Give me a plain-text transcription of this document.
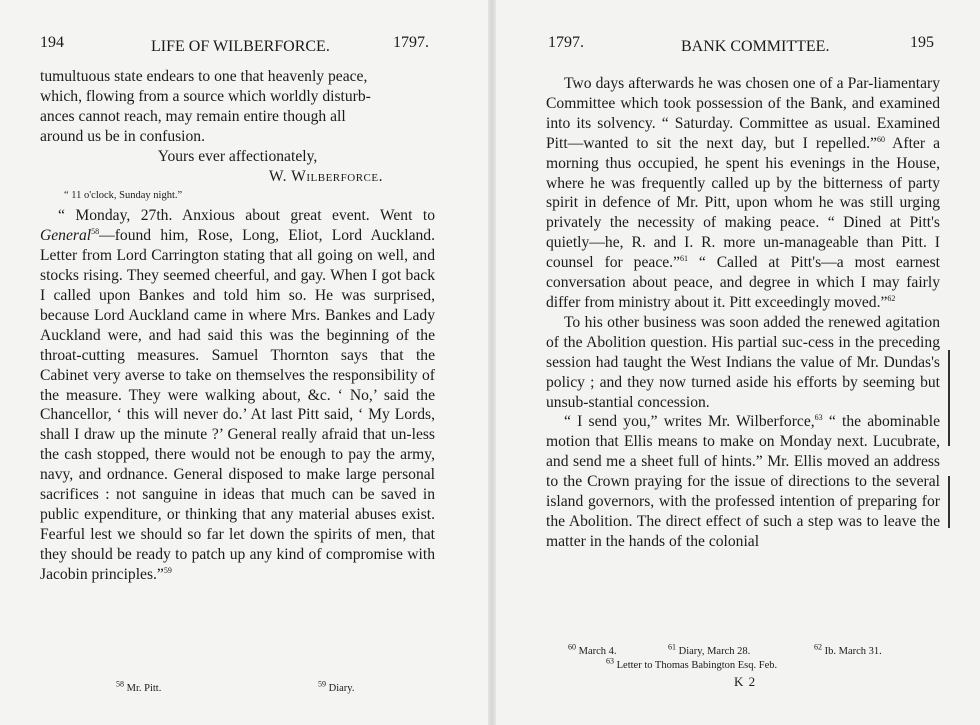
194	LIFE OF WILBERFORCE.	1797.

tumultuous state endears to one that heavenly peace,

which, flowing from a source which worldly disturb-

ances cannot reach, may remain entire though all

around us be in confusion.

Yours ever affectionately,

W. Wilberforce.

“ 11 o'clock, Sunday night.”

“ Monday, 27th. Anxious about great event. Went to General$^{58}$—found him, Rose, Long, Eliot, Lord Auckland. Letter from Lord Carrington stating that all going on well, and stocks rising. They seemed cheerful, and gay. When I got back I called upon Bankes and told him so. He was surprised, because Lord Auckland came in where Mrs. Bankes and Lady Auckland were, and had said this was the beginning of the throat-cutting measures. Samuel Thornton says that the Cabinet very averse to take on themselves the responsibility of the measure. They were walking about, &c. ‘ No,’ said the Chancellor, ‘ this will never do.’ At last Pitt said, ‘ My Lords, shall I draw up the minute ?’ General really afraid that un-less the cash stopped, there would not be enough to pay the army, navy, and ordnance. General disposed to make large personal sacrifices : not sanguine in ideas that much can be saved in public expenditure, or thinking that any material abuses exist. Fearful lest we should so far let down the spirits of men, that they should be ready to patch up any kind of compromise with Jacobin principles.”$^{59}$

$^{58}$ Mr. Pitt.	$^{59}$ Diary.
1797.	BANK COMMITTEE.	195

Two days afterwards he was chosen one of a Par-liamentary Committee which took possession of the Bank, and examined into its solvency. “ Saturday. Committee as usual. Examined Pitt—wanted to sit the next day, but I repelled.”$^{60}$ After a morning thus occupied, he spent his evenings in the House, where he was frequently called up by the bitterness of party spirit in defence of Mr. Pitt, upon whom he was still urging privately the necessity of making peace. “ Dined at Pitt's quietly—he, R. and I. R. more un-manageable than Pitt. I counsel for peace.”$^{61}$ “ Called at Pitt's—a most earnest conversation about peace, and degree in which I may fairly differ from ministry about it. Pitt exceedingly moved.”$^{62}$

To his other business was soon added the renewed agitation of the Abolition question. His partial suc-cess in the preceding session had taught the West Indians the value of Mr. Dundas's policy ; and they now turned aside his efforts by seeming but unsub-stantial concession.

“ I send you,” writes Mr. Wilberforce,$^{63}$ “ the abominable motion that Ellis means to make on Monday next. Lucubrate, and send me a sheet full of hints.” Mr. Ellis moved an address to the Crown praying for the issue of directions to the several island governors, with the professed intention of preparing for the Abolition. The direct effect of such a step was to leave the matter in the hands of the colonial

$^{60}$ March 4.	$^{61}$ Diary, March 28.	$^{62}$ Ib. March 31.
$^{63}$ Letter to Thomas Babington Esq. Feb.
K 2
